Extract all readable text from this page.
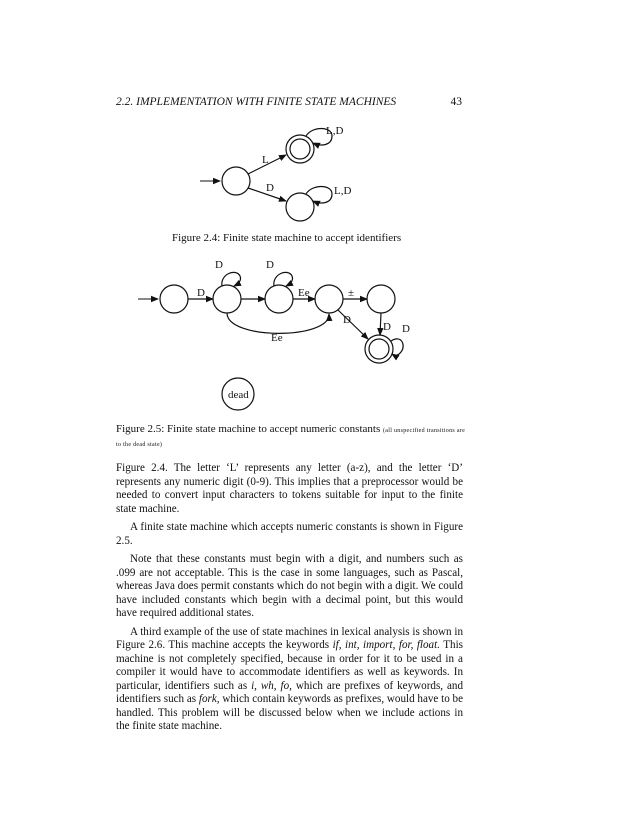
2.2. IMPLEMENTATION WITH FINITE STATE MACHINES	43
L
D
L,D
L,D
Figure 2.4: Finite state machine to accept identifiers
D
D	D
Ee	±
D
D D
Ee
dead
Figure 2.5: Finite state machine to accept numeric constants (all unspecified transitions are to the dead state)

Figure 2.4. The letter ‘L’ represents any letter (a-z), and the letter ‘D’ represents any numeric digit (0-9). This implies that a preprocessor would be needed to convert input characters to tokens suitable for input to the finite state machine.

A finite state machine which accepts numeric constants is shown in Figure 2.5.

Note that these constants must begin with a digit, and numbers such as .099 are not acceptable. This is the case in some languages, such as Pascal, whereas Java does permit constants which do not begin with a digit. We could have included constants which begin with a decimal point, but this would have required additional states.

A third example of the use of state machines in lexical analysis is shown in Figure 2.6. This machine accepts the keywords if, int, import, for, float. This machine is not completely specified, because in order for it to be used in a compiler it would have to accommodate identifiers as well as keywords. In particular, identifiers such as i, wh, fo, which are prefixes of keywords, and identifiers such as fork, which contain keywords as prefixes, would have to be handled. This problem will be discussed below when we include actions in the finite state machine.
